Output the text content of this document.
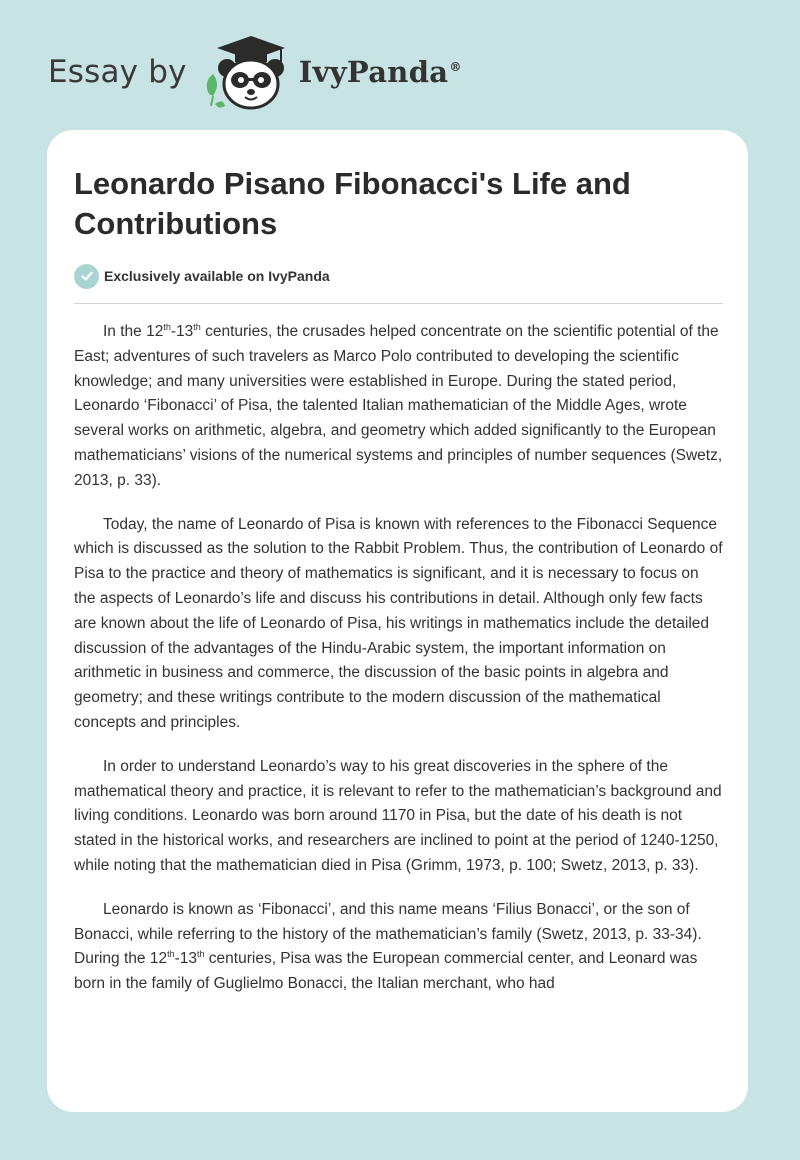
Essay by	IvyPanda®
Leonardo Pisano Fibonacci's Life and Contributions
Exclusively available on IvyPanda

In the 12th-13th centuries, the crusades helped concentrate on the scientific potential of the East; adventures of such travelers as Marco Polo contributed to developing the scientific knowledge; and many universities were established in Europe. During the stated period, Leonardo ‘Fibonacci’ of Pisa, the talented Italian mathematician of the Middle Ages, wrote several works on arithmetic, algebra, and geometry which added significantly to the European mathematicians’ visions of the numerical systems and principles of number sequences (Swetz, 2013, p. 33).

Today, the name of Leonardo of Pisa is known with references to the Fibonacci Sequence which is discussed as the solution to the Rabbit Problem. Thus, the contribution of Leonardo of Pisa to the practice and theory of mathematics is significant, and it is necessary to focus on the aspects of Leonardo’s life and discuss his contributions in detail. Although only few facts are known about the life of Leonardo of Pisa, his writings in mathematics include the detailed discussion of the advantages of the Hindu-Arabic system, the important information on arithmetic in business and commerce, the discussion of the basic points in algebra and geometry; and these writings contribute to the modern discussion of the mathematical concepts and principles.

In order to understand Leonardo’s way to his great discoveries in the sphere of the mathematical theory and practice, it is relevant to refer to the mathematician’s background and living conditions. Leonardo was born around 1170 in Pisa, but the date of his death is not stated in the historical works, and researchers are inclined to point at the period of 1240-1250, while noting that the mathematician died in Pisa (Grimm, 1973, p. 100; Swetz, 2013, p. 33).

Leonardo is known as ‘Fibonacci’, and this name means ‘Filius Bonacci’, or the son of Bonacci, while referring to the history of the mathematician’s family (Swetz, 2013, p. 33-34). During the 12th-13th centuries, Pisa was the European commercial center, and Leonard was born in the family of Guglielmo Bonacci, the Italian merchant, who had
